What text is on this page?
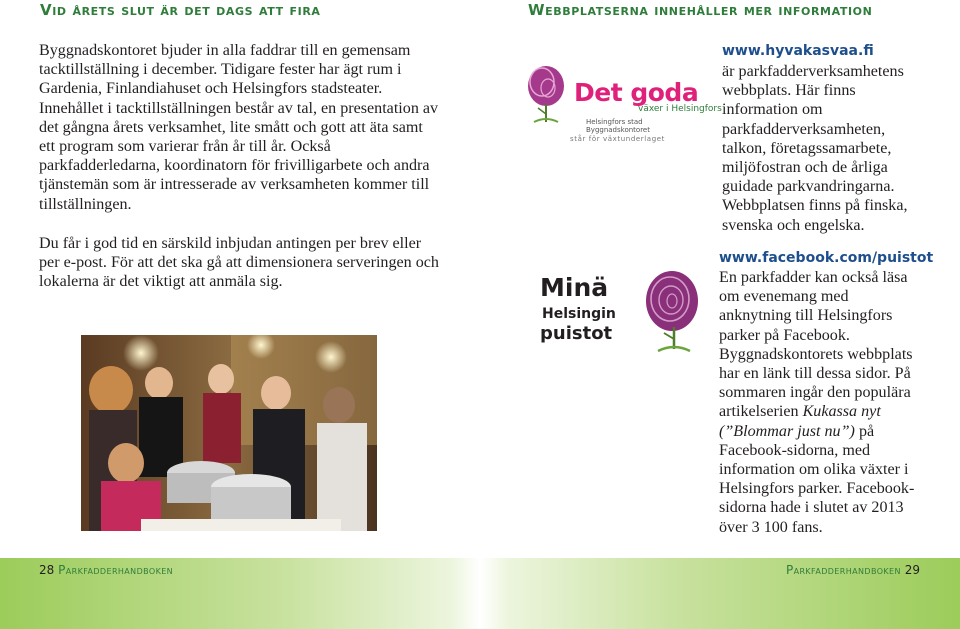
Vid årets slut är det dags att fira

Byggnadskontoret bjuder in alla faddrar till en gemensam tacktillställning i december. Tidigare fester har ägt rum i Gardenia, Finlandiahuset och Helsingfors stadsteater. Innehållet i tacktillställningen består av tal, en presentation av det gångna årets verksamhet, lite smått och gott att äta samt ett program som varierar från år till år. Också parkfadderledarna, koordinatorn för frivilligarbete och andra tjänstemän som är intresserade av verksamheten kommer till tillställningen.

Du får i god tid en särskild inbjudan antingen per brev eller per e-post. För att det ska gå att dimensionera serveringen och lokalerna är det viktigt att anmäla sig.

28 Parkfadderhandboken
Webbplatserna innehåller mer information
Det goda
växer i Helsingfors
Helsingfors stad
Byggnadskontoret
står för växtunderlaget
Minä
Helsingin
puistot

www.hyvakasvaa.fi

är parkfadderverksamhetens webbplats. Här finns information om parkfadderverksamheten, talkon, företagssamarbete, miljöfostran och de årliga guidade parkvandringarna. Webbplatsen finns på finska, svenska och engelska.

www.facebook.com/puistot

En parkfadder kan också läsa om evenemang med anknytning till Helsingfors parker på Facebook. Byggnadskontorets webbplats har en länk till dessa sidor. På sommaren ingår den populära artikelserien Kukassa nyt (”Blommar just nu”) på Facebook-sidorna, med information om olika växter i Helsingfors parker. Facebook-sidorna hade i slutet av 2013 över 3 100 fans.

Parkfadderhandboken 29
